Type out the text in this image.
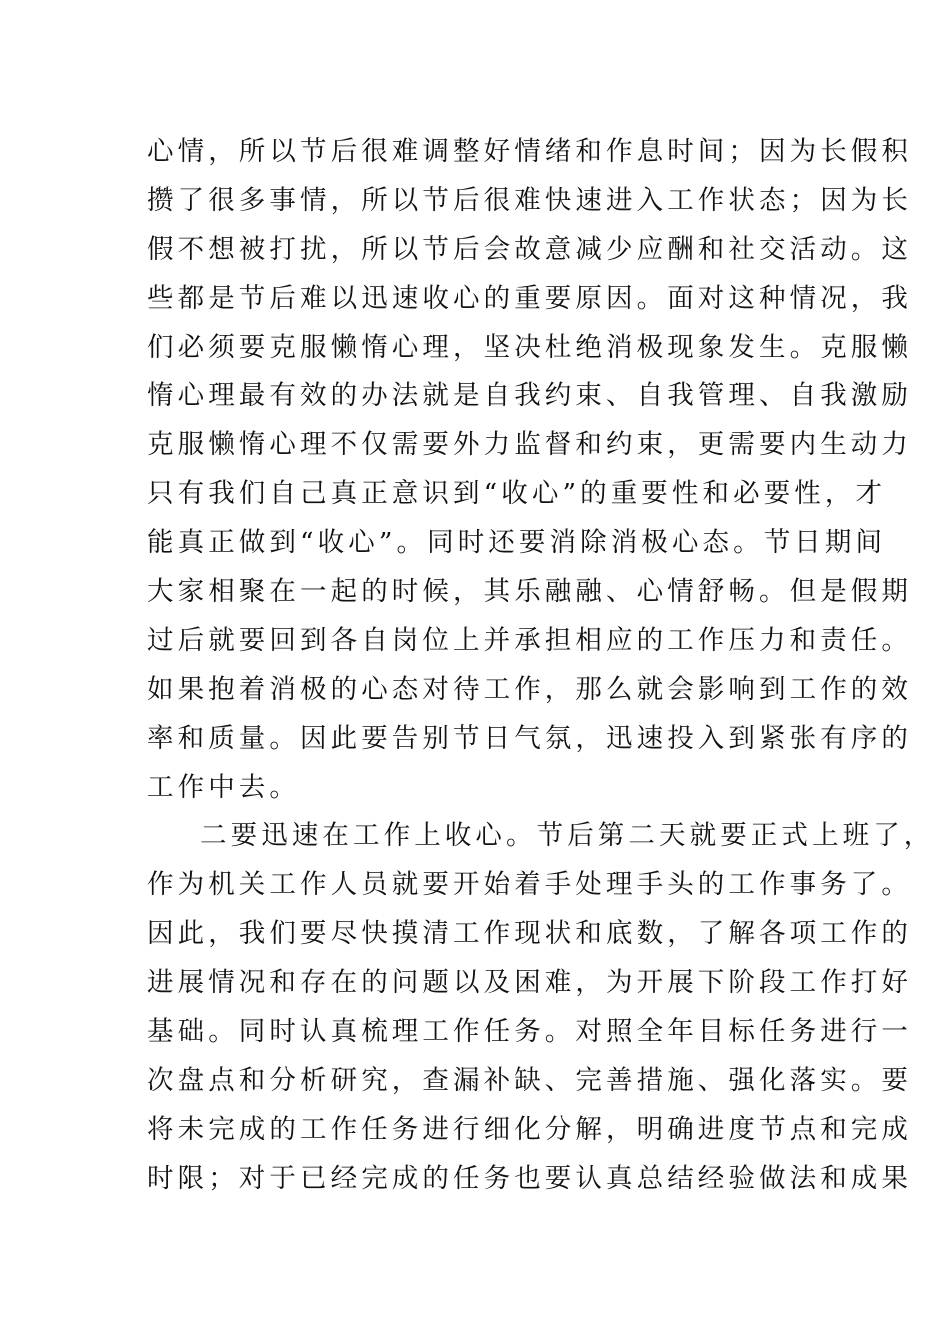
心情，所以节后很难调整好情绪和作息时间；因为长假积
攒了很多事情，所以节后很难快速进入工作状态；因为长
假不想被打扰，所以节后会故意减少应酬和社交活动。这
些都是节后难以迅速收心的重要原因。面对这种情况，我
们必须要克服懒惰心理，坚决杜绝消极现象发生。克服懒
惰心理最有效的办法就是自我约束、自我管理、自我激励
克服懒惰心理不仅需要外力监督和约束，更需要内生动力
只有我们自己真正意识到“收心”的重要性和必要性，才
能真正做到“收心”。同时还要消除消极心态。节日期间
大家相聚在一起的时候，其乐融融、心情舒畅。但是假期
过后就要回到各自岗位上并承担相应的工作压力和责任。
如果抱着消极的心态对待工作，那么就会影响到工作的效
率和质量。因此要告别节日气氛，迅速投入到紧张有序的
工作中去。
二要迅速在工作上收心。节后第二天就要正式上班了，
作为机关工作人员就要开始着手处理手头的工作事务了。
因此，我们要尽快摸清工作现状和底数，了解各项工作的
进展情况和存在的问题以及困难，为开展下阶段工作打好
基础。同时认真梳理工作任务。对照全年目标任务进行一
次盘点和分析研究，查漏补缺、完善措施、强化落实。要
将未完成的工作任务进行细化分解，明确进度节点和完成
时限；对于已经完成的任务也要认真总结经验做法和成果
